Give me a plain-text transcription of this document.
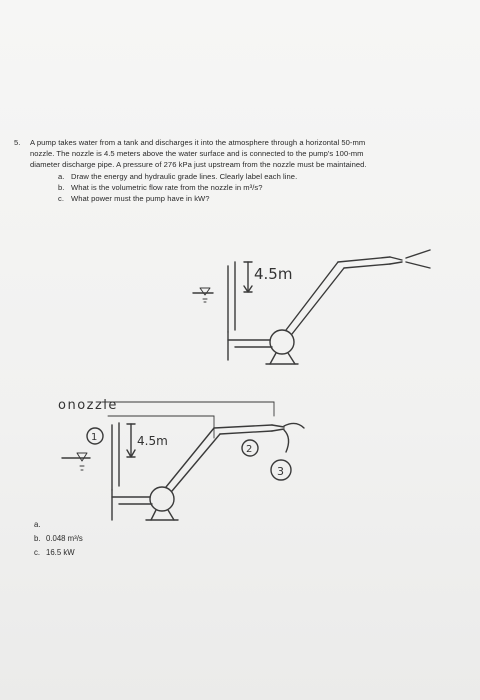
5. A pump takes water from a tank and discharges it into the atmosphere through a horizontal 50-mm
nozzle. The nozzle is 4.5 meters above the water surface and is connected to the pump's 100-mm
diameter discharge pipe. A pressure of 276 kPa just upstream from the nozzle must be maintained.
a. Draw the energy and hydraulic grade lines. Clearly label each line.
b. What is the volumetric flow rate from the nozzle in m³/s?
c. What power must the pump have in kW?
4.5m
onozzle
4.5m
1
2
3
a.
b. 0.048 m³/s
c. 16.5 kW
